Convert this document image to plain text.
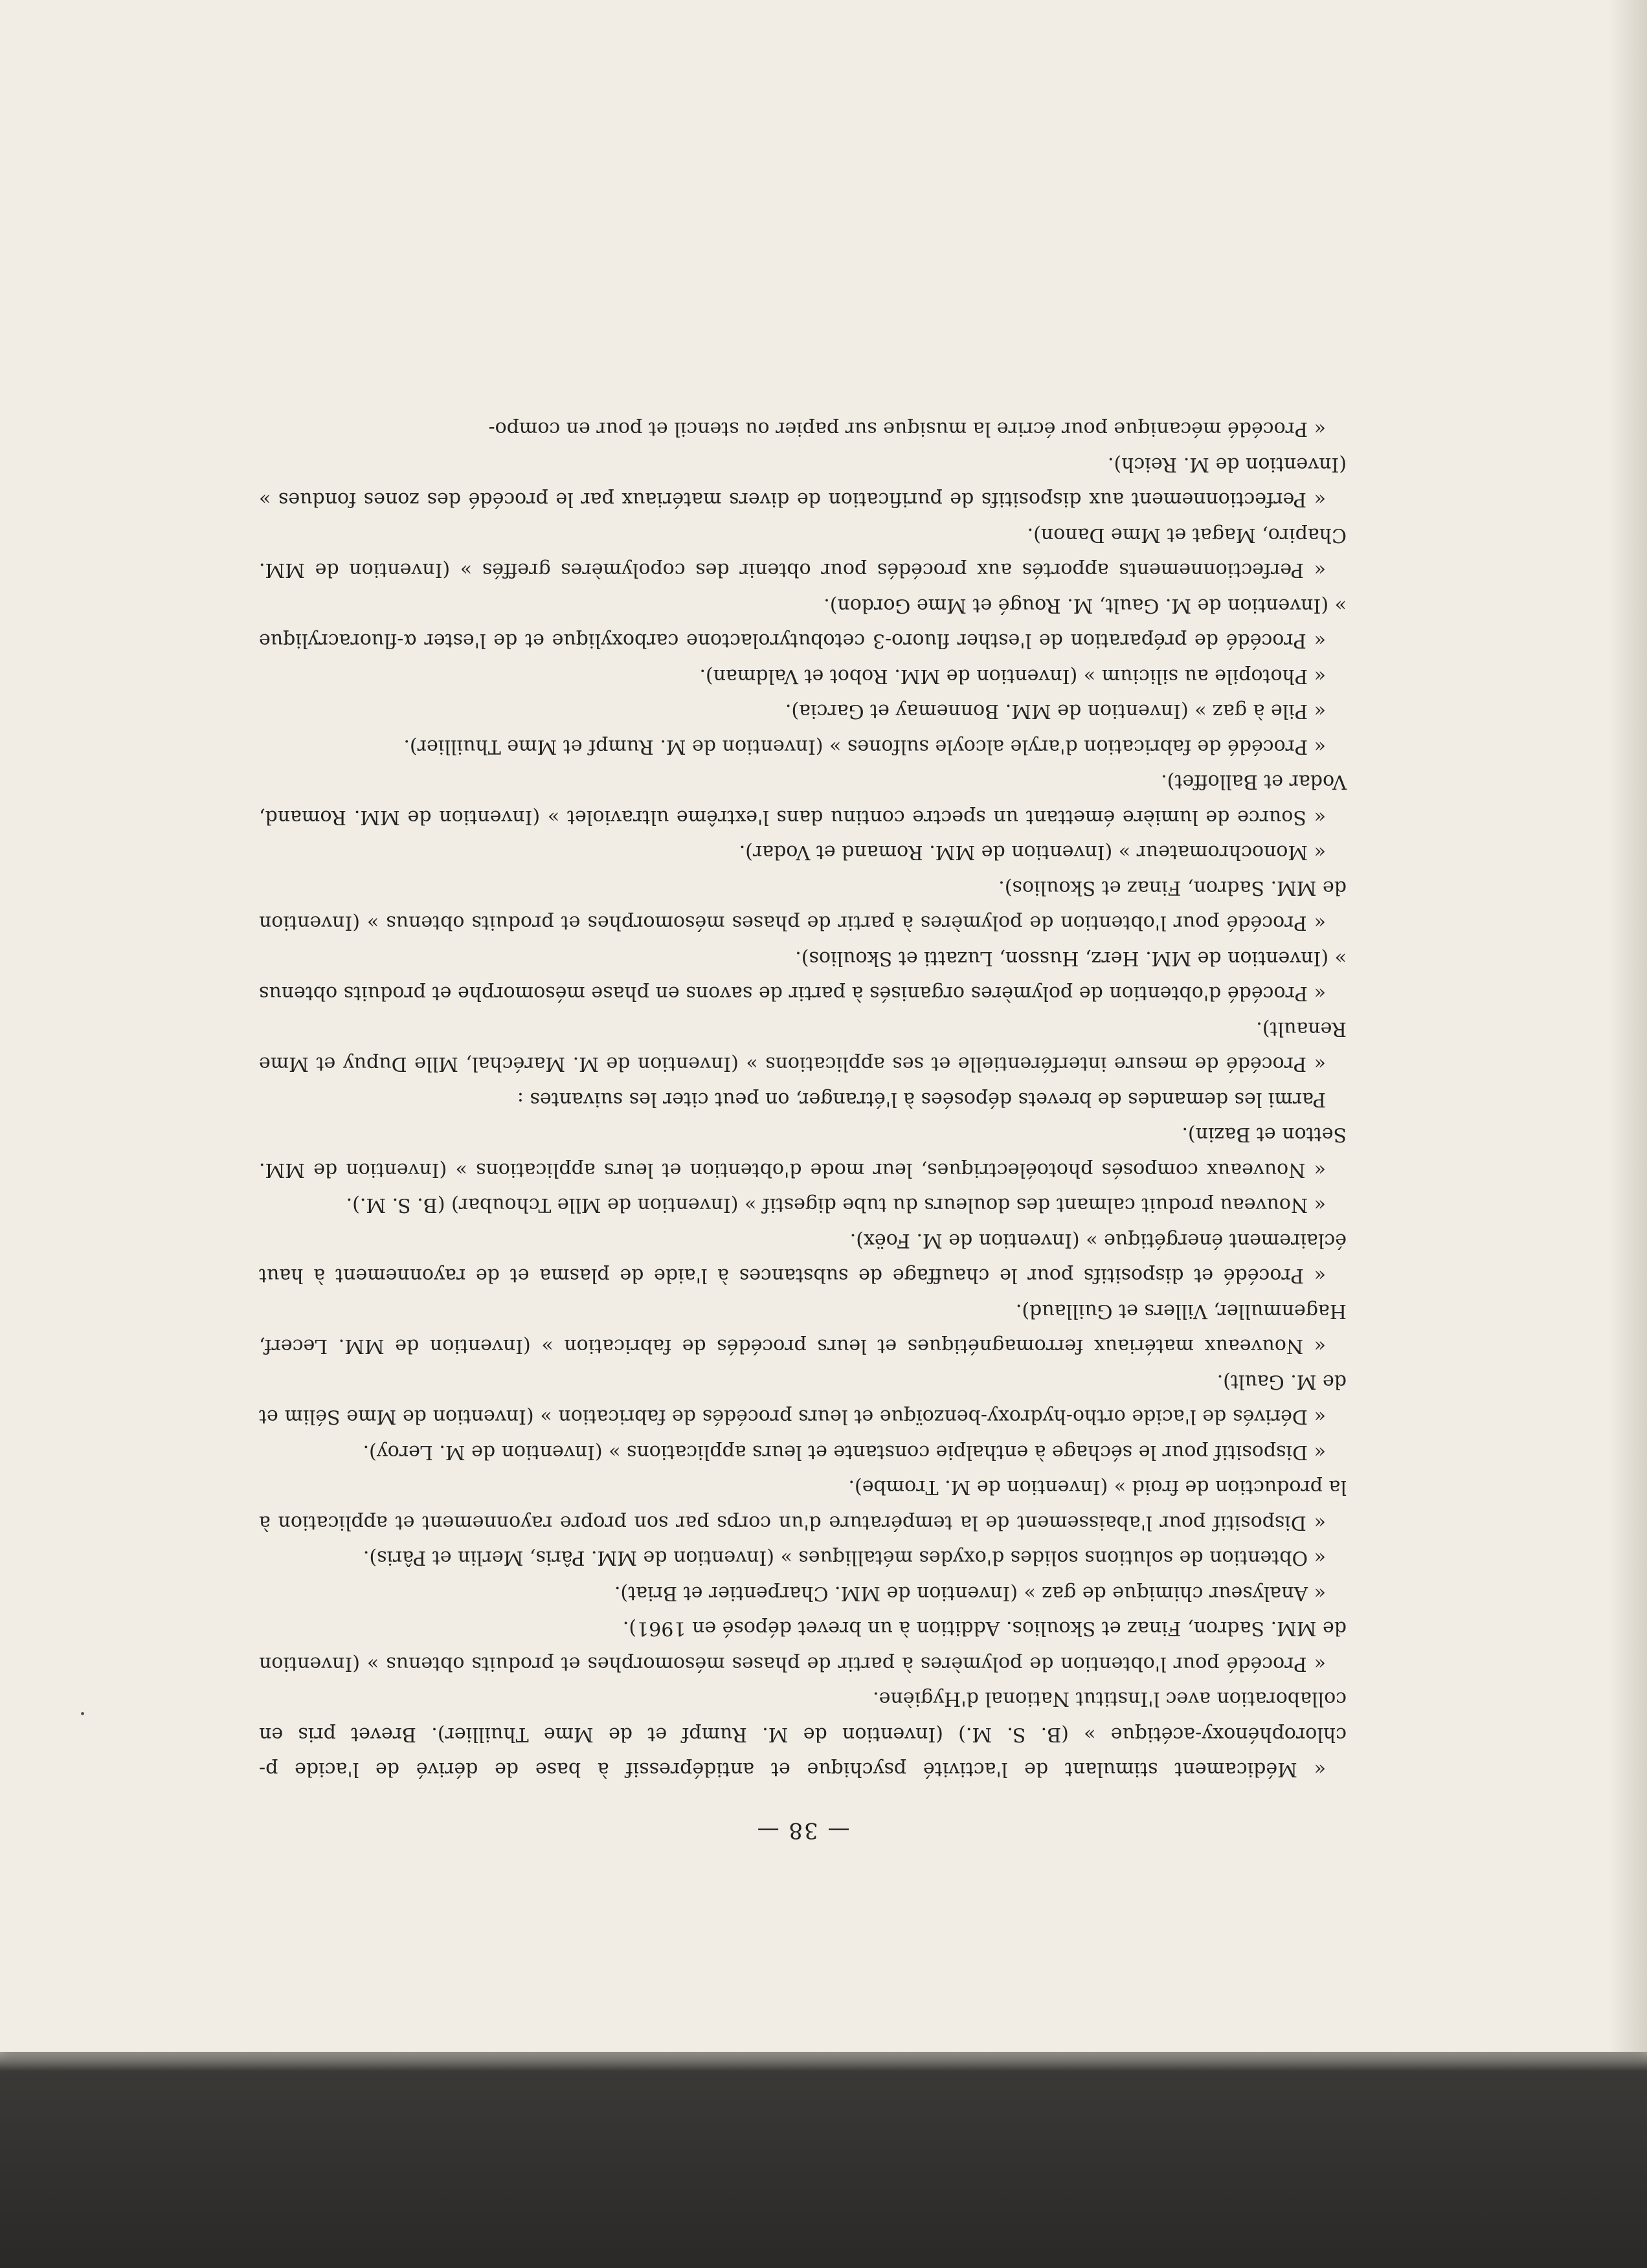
— 38 —

« Médicament stimulant de l'activité psychique et antidépressif à base de dérivé de l'acide p-chlorophénoxy-acétique » (B. S. M.) (Invention de M. Rumpf et de Mme Thuillier). Brevet pris en collaboration avec l'Institut National d'Hygiène.

« Procédé pour l'obtention de polymères à partir de phases mésomorphes et produits obtenus » (Invention de MM. Sadron, Finaz et Skoulios. Addition à un brevet déposé en 1961).

« Analyseur chimique de gaz » (Invention de MM. Charpentier et Briat).

« Obtention de solutions solides d'oxydes métalliques » (Invention de MM. Pâris, Merlin et Pâris).

« Dispositif pour l'abaissement de la température d'un corps par son propre rayonnement et application à la production de froid » (Invention de M. Trombe).

« Dispositif pour le séchage à enthalpie constante et leurs applications » (Invention de M. Leroy).

« Dérivés de l'acide ortho-hydroxy-benzoïque et leurs procédés de fabrication » (Invention de Mme Sélim et de M. Gault).

« Nouveaux matériaux ferromagnétiques et leurs procédés de fabrication » (Invention de MM. Lecerf, Hagenmuller, Villers et Guillaud).

« Procédé et dispositifs pour le chauffage de substances à l'aide de plasma et de rayonnement à haut éclairement énergétique » (Invention de M. Foëx).

« Nouveau produit calmant des douleurs du tube digestif » (Invention de Mlle Tchoubar) (B. S. M.).

« Nouveaux composés photoélectriques, leur mode d'obtention et leurs applications » (Invention de MM. Setton et Bazin).

Parmi les demandes de brevets déposées à l'étranger, on peut citer les suivantes :

« Procédé de mesure interférentielle et ses applications » (Invention de M. Maréchal, Mlle Dupuy et Mme Renault).

« Procédé d'obtention de polymères organisés à partir de savons en phase mésomorphe et produits obtenus » (Invention de MM. Herz, Husson, Luzatti et Skoulios).

« Procédé pour l'obtention de polymères à partir de phases mésomorphes et produits obtenus » (Invention de MM. Sadron, Finaz et Skoulios).

« Monochromateur » (Invention de MM. Romand et Vodar).

« Source de lumière émettant un spectre continu dans l'extrême ultraviolet » (Invention de MM. Romand, Vodar et Balloffet).

« Procédé de fabrication d'aryle alcoyle sulfones » (Invention de M. Rumpf et Mme Thuillier).

« Pile à gaz » (Invention de MM. Bonnemay et Garcia).

« Photopile au silicium » (Invention de MM. Robot et Valdman).

« Procédé de préparation de l'esther fluoro-3 cetobutyrolactone carboxylique et de l'ester α-fluoracrylique » (Invention de M. Gault, M. Rougé et Mme Gordon).

« Perfectionnements apportés aux procédés pour obtenir des copolymères greffés » (Invention de MM. Chapiro, Magat et Mme Danon).

« Perfectionnement aux dispositifs de purification de divers matériaux par le procédé des zones fondues » (Invention de M. Reich).

« Procédé mécanique pour écrire la musique sur papier ou stencil et pour en compo-
